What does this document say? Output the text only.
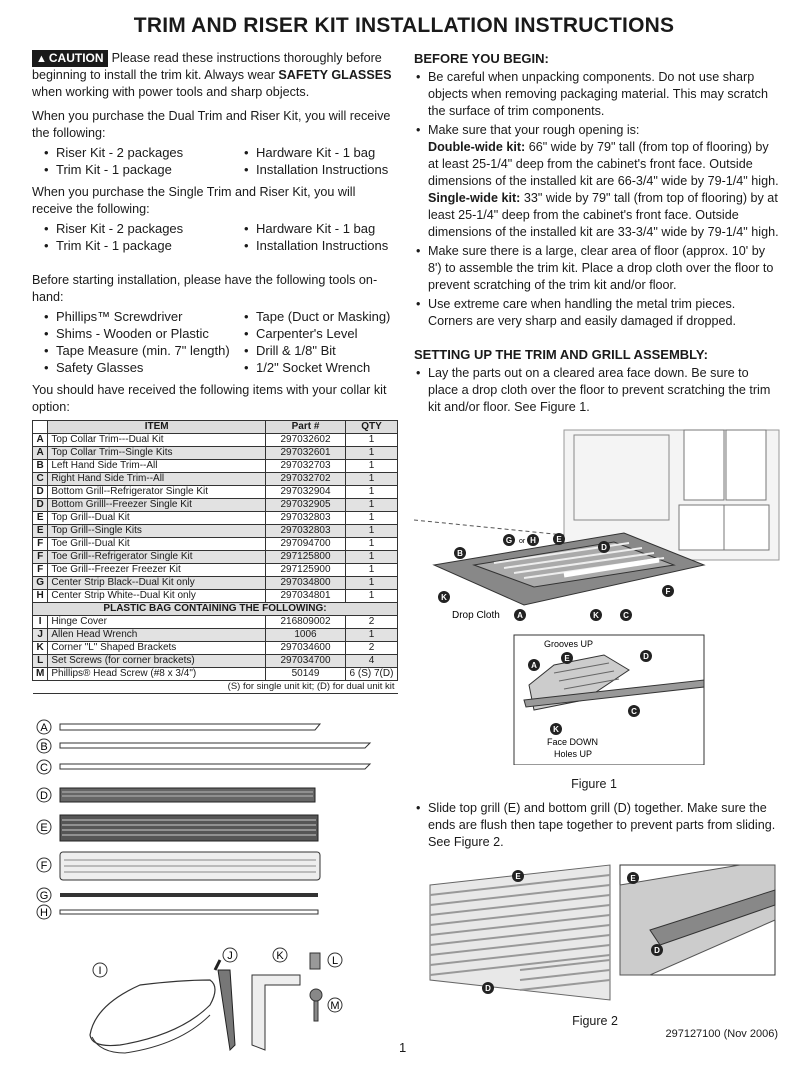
TRIM AND RISER KIT INSTALLATION INSTRUCTIONS

▲ CAUTION Please read these instructions thoroughly before beginning to install the trim kit. Always wear SAFETY GLASSES when working with power tools and sharp objects.

When you purchase the Dual Trim and Riser Kit, you will receive the following:

• Riser Kit - 2 packages	• Hardware Kit - 1 bag
• Trim Kit - 1 package	• Installation Instructions

When you purchase the Single Trim and Riser Kit, you will receive the following:

• Riser Kit - 2 packages	• Hardware Kit - 1 bag
• Trim Kit - 1 package	• Installation Instructions

Before starting installation, please have the following tools on-hand:

• Phillips™ Screwdriver	• Tape (Duct or Masking)
• Shims - Wooden or Plastic	• Carpenter's Level
• Tape Measure (min. 7" length)	• Drill & 1/8" Bit
• Safety Glasses	• 1/2" Socket Wrench

You should have received the following items with your collar kit option:

	ITEM	Part #	QTY
A	Top Collar Trim---Dual Kit	297032602	1
A	Top Collar Trim--Single Kits	297032601	1
B	Left Hand Side Trim--All	297032703	1
C	Right Hand Side Trim--All	297032702	1
D	Bottom Grill--Refrigerator Single Kit	297032904	1
D	Bottom Grilll--Freezer Single Kit	297032905	1
E	Top Grill--Dual Kit	297032803	1
E	Top Grill--Single Kits	297032803	1
F	Toe Grill--Dual Kit	297094700	1
F	Toe Grill--Refrigerator Single Kit	297125800	1
F	Toe Grill--Freezer Freezer Kit	297125900	1
G	Center Strip Black--Dual Kit only	297034800	1
H	Center Strip White--Dual Kit only	297034801	1
PLASTIC BAG CONTAINING THE FOLLOWING:			
I	Hinge Cover	216809002	2
J	Allen Head Wrench	1006	1
K	Corner "L" Shaped Brackets	297034600	2
L	Set Screws (for corner brackets)	297034700	4
M	Phillips® Head Screw (#8 x 3/4")	50149	6 (S) 7(D)
(S) for single unit kit; (D) for dual unit kit			
A
B
C
D
E
F
G
H
I
J	K	L
M
BEFORE YOU BEGIN:
• Be careful when unpacking components. Do not use sharp objects when removing packaging material. This may scratch the surface of trim components.
• Make sure that your rough opening is:
Double-wide kit: 66" wide by 79" tall (from top of flooring) by at least 25-1/4" deep from the cabinet's front face. Outside dimensions of the installed kit are 66-3/4" wide by 79-1/4" high.
Single-wide kit: 33" wide by 79" tall (from top of flooring) by at least 25-1/4" deep from the cabinet's front face. Outside dimensions of the installed kit are 33-3/4" wide by 79-1/4" high.
• Make sure there is a large, clear area of floor (approx. 10' by 8') to assemble the trim kit. Place a drop cloth over the floor to prevent scratching of the trim kit and/or floor.
• Use extreme care when handling the metal trim pieces. Corners are very sharp and easily damaged if dropped.
SETTING UP THE TRIM AND GRILL ASSEMBLY:
• Lay the parts out on a cleared area face down. Be sure to place a drop cloth over the floor to prevent scratching the trim kit and/or floor. See Figure 1.
B
G or H	E
D
F
K
A	K	C
Drop Cloth
Grooves UP
A
E	D
C
K
Face DOWN
Holes UP
Figure 1
• Slide top grill (E) and bottom grill (D) together. Make sure the ends are flush then tape together to prevent parts from sliding. See Figure 2.
E
D
E
D
Figure 2
1
297127100 (Nov 2006)
